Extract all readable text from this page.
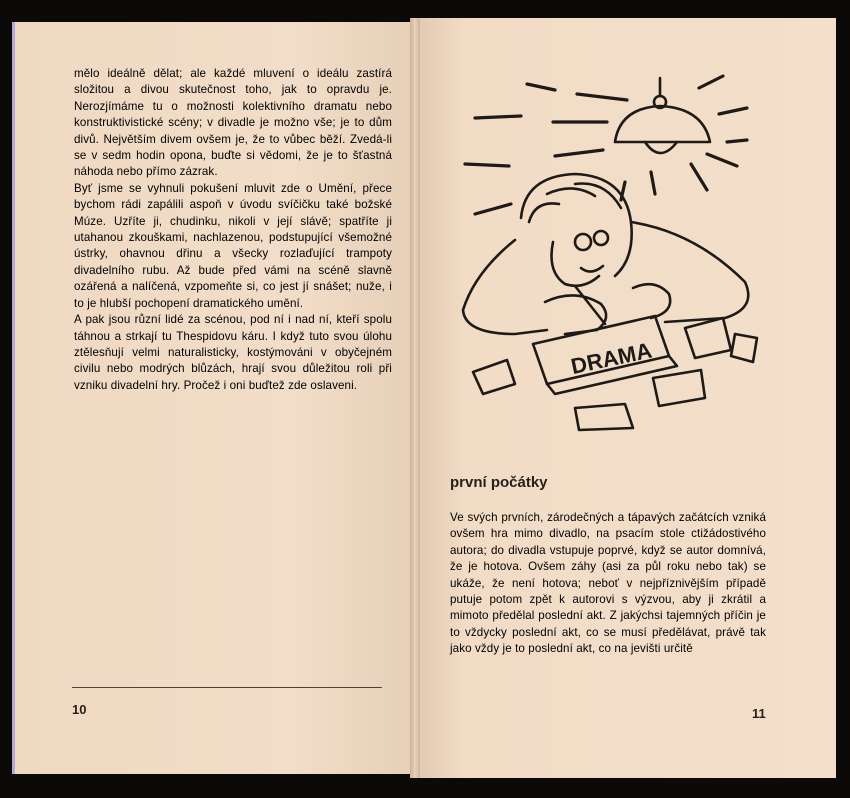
mělo ideálně dělat; ale každé mluvení o ideálu zastírá složitou a divou skutečnost toho, jak to opravdu je. Nerozjímáme tu o možnosti kolektivního dramatu nebo konstruktivistické scény; v divadle je možno vše; je to dům divů. Největším divem ovšem je, že to vůbec běží. Zvedá-li se v sedm hodin opona, buďte si vědomi, že je to šťastná náhoda nebo přímo zázrak.

Byť jsme se vyhnuli pokušení mluvit zde o Umění, přece bychom rádi zapálili aspoň v úvodu svíčičku také božské Múze. Uzříte ji, chudinku, nikoli v její slávě; spatříte ji utahanou zkouškami, nachlazenou, podstupující všemožné ústrky, ohavnou dřinu a všecky rozlaďující trampoty divadelního rubu. Až bude před vámi na scéně slavně ozářená a nalíčená, vzpomeňte si, co jest jí snášet; nuže, i to je hlubší pochopení dramatického umění.

A pak jsou různí lidé za scénou, pod ní i nad ní, kteří spolu táhnou a strkají tu Thespidovu káru. I když tuto svou úlohu ztělesňují velmi naturalisticky, kostýmováni v obyčejném civilu nebo modrých blůzách, hrají svou důležitou roli při vzniku divadelní hry. Pročež i oni buďtež zde oslaveni.

10
DRAMA
první počátky

Ve svých prvních, zárodečných a tápavých začátcích vzniká ovšem hra mimo divadlo, na psacím stole ctižádostivého autora; do divadla vstupuje poprvé, když se autor domnívá, že je hotova. Ovšem záhy (asi za půl roku nebo tak) se ukáže, že není hotova; neboť v nejpříznivějším případě putuje potom zpět k autorovi s výzvou, aby ji zkrátil a mimoto předělal poslední akt. Z jakýchsi tajemných příčin je to vždycky poslední akt, co se musí předělávat, právě tak jako vždy je to poslední akt, co na jevišti určitě

11
